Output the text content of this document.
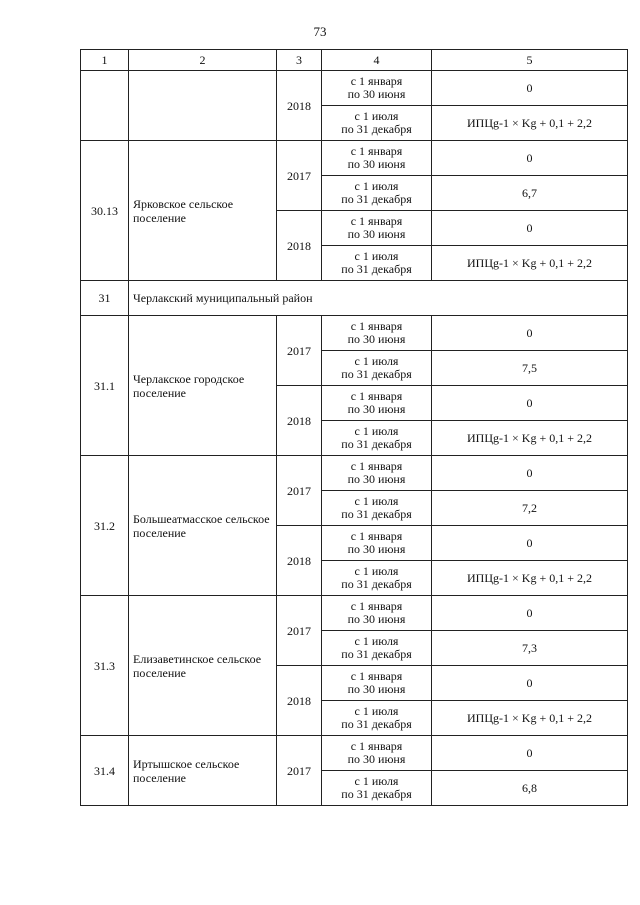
73
1	2	3	4	5
		2018	с 1 января
по 30 июня	0

			с 1 июля
по 31 декабря	ИПЦg-1 × Kg + 0,1 + 2,2
30.13	Ярковское сельское поселение	2017	с 1 января
по 30 июня	0

			с 1 июля
по 31 декабря	6,7
		2018	с 1 января
по 30 июня	0

			с 1 июля
по 31 декабря	ИПЦg-1 × Kg + 0,1 + 2,2
31	Черлакский муниципальный район			
31.1	Черлакское городское поселение	2017	с 1 января
по 30 июня	0

			с 1 июля
по 31 декабря	7,5
		2018	с 1 января
по 30 июня	0

			с 1 июля
по 31 декабря	ИПЦg-1 × Kg + 0,1 + 2,2
31.2	Большеатмасское сельское поселение	2017	с 1 января
по 30 июня	0

			с 1 июля
по 31 декабря	7,2
		2018	с 1 января
по 30 июня	0

			с 1 июля
по 31 декабря	ИПЦg-1 × Kg + 0,1 + 2,2
31.3	Елизаветинское сельское поселение	2017	с 1 января
по 30 июня	0

			с 1 июля
по 31 декабря	7,3
		2018	с 1 января
по 30 июня	0

			с 1 июля
по 31 декабря	ИПЦg-1 × Kg + 0,1 + 2,2
31.4	Иртышское сельское поселение	2017	с 1 января
по 30 июня	0

			с 1 июля
по 31 декабря	6,8
